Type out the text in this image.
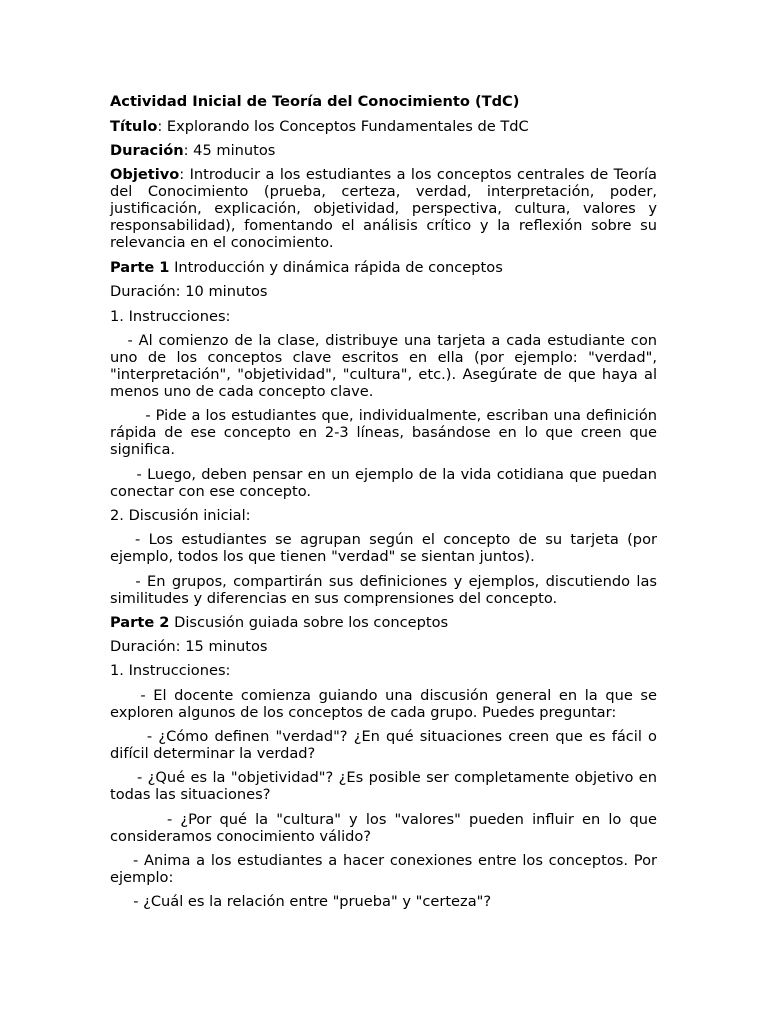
Actividad Inicial de Teoría del Conocimiento (TdC)

Título: Explorando los Conceptos Fundamentales de TdC

Duración: 45 minutos

Objetivo: Introducir a los estudiantes a los conceptos centrales de Teoría del Conocimiento (prueba, certeza, verdad, interpretación, poder, justificación, explicación, objetividad, perspectiva, cultura, valores y responsabilidad), fomentando el análisis crítico y la reflexión sobre su relevancia en el conocimiento.

Parte 1 Introducción y dinámica rápida de conceptos

Duración: 10 minutos

1. Instrucciones:

- Al comienzo de la clase, distribuye una tarjeta a cada estudiante con uno de los conceptos clave escritos en ella (por ejemplo: "verdad", "interpretación", "objetividad", "cultura", etc.). Asegúrate de que haya al menos uno de cada concepto clave.

- Pide a los estudiantes que, individualmente, escriban una definición rápida de ese concepto en 2-3 líneas, basándose en lo que creen que significa.

- Luego, deben pensar en un ejemplo de la vida cotidiana que puedan conectar con ese concepto.

2. Discusión inicial:

- Los estudiantes se agrupan según el concepto de su tarjeta (por ejemplo, todos los que tienen "verdad" se sientan juntos).

- En grupos, compartirán sus definiciones y ejemplos, discutiendo las similitudes y diferencias en sus comprensiones del concepto.

Parte 2 Discusión guiada sobre los conceptos

Duración: 15 minutos

1. Instrucciones:

- El docente comienza guiando una discusión general en la que se exploren algunos de los conceptos de cada grupo. Puedes preguntar:

- ¿Cómo definen "verdad"? ¿En qué situaciones creen que es fácil o difícil determinar la verdad?

- ¿Qué es la "objetividad"? ¿Es posible ser completamente objetivo en todas las situaciones?

- ¿Por qué la "cultura" y los "valores" pueden influir en lo que consideramos conocimiento válido?

- Anima a los estudiantes a hacer conexiones entre los conceptos. Por ejemplo:

- ¿Cuál es la relación entre "prueba" y "certeza"?
